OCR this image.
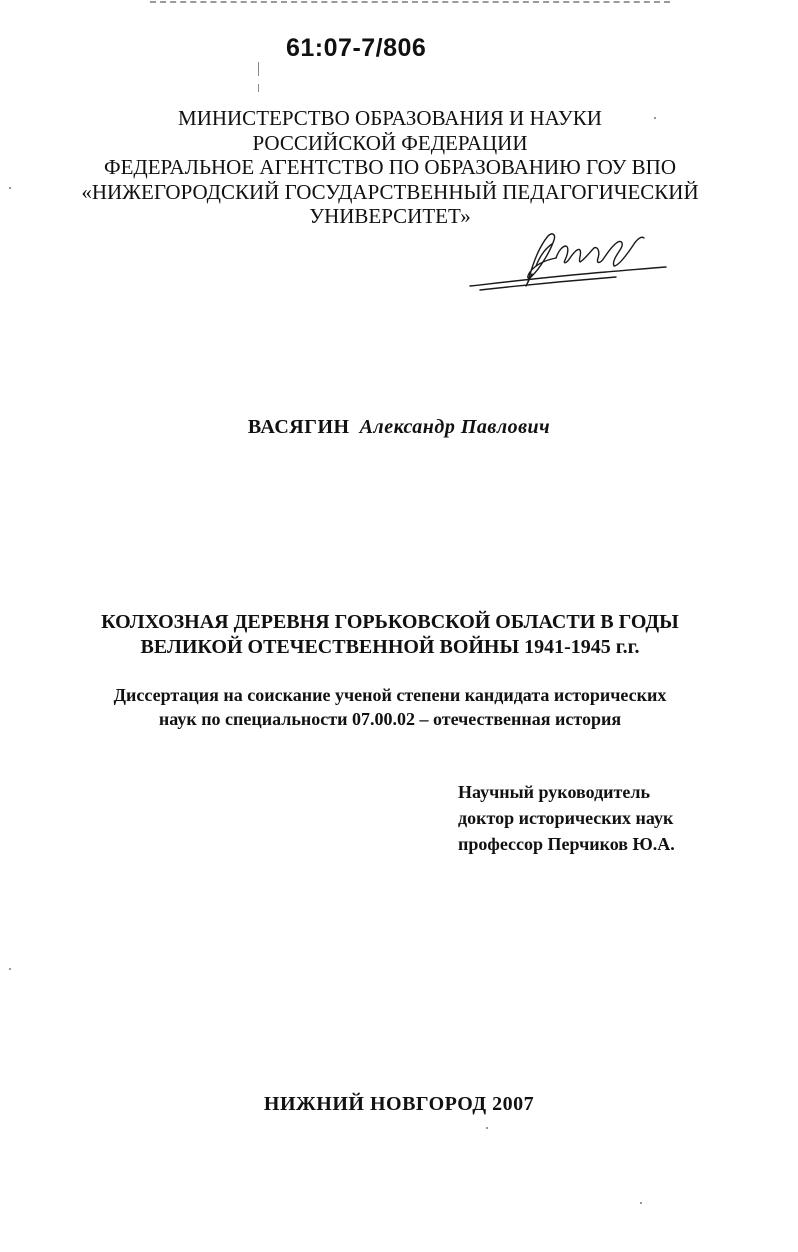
61:07-7/806
МИНИСТЕРСТВО ОБРАЗОВАНИЯ И НАУКИ
РОССИЙСКОЙ ФЕДЕРАЦИИ
ФЕДЕРАЛЬНОЕ АГЕНТСТВО ПО ОБРАЗОВАНИЮ ГОУ ВПО
«НИЖЕГОРОДСКИЙ ГОСУДАРСТВЕННЫЙ ПЕДАГОГИЧЕСКИЙ
УНИВЕРСИТЕТ»
ВАСЯГИН Александр Павлович
КОЛХОЗНАЯ ДЕРЕВНЯ ГОРЬКОВСКОЙ ОБЛАСТИ В ГОДЫ
ВЕЛИКОЙ ОТЕЧЕСТВЕННОЙ ВОЙНЫ 1941-1945 г.г.
Диссертация на соискание ученой степени кандидата исторических
наук по специальности 07.00.02 – отечественная история
Научный руководитель
доктор исторических наук
профессор Перчиков Ю.А.
НИЖНИЙ НОВГОРОД 2007
